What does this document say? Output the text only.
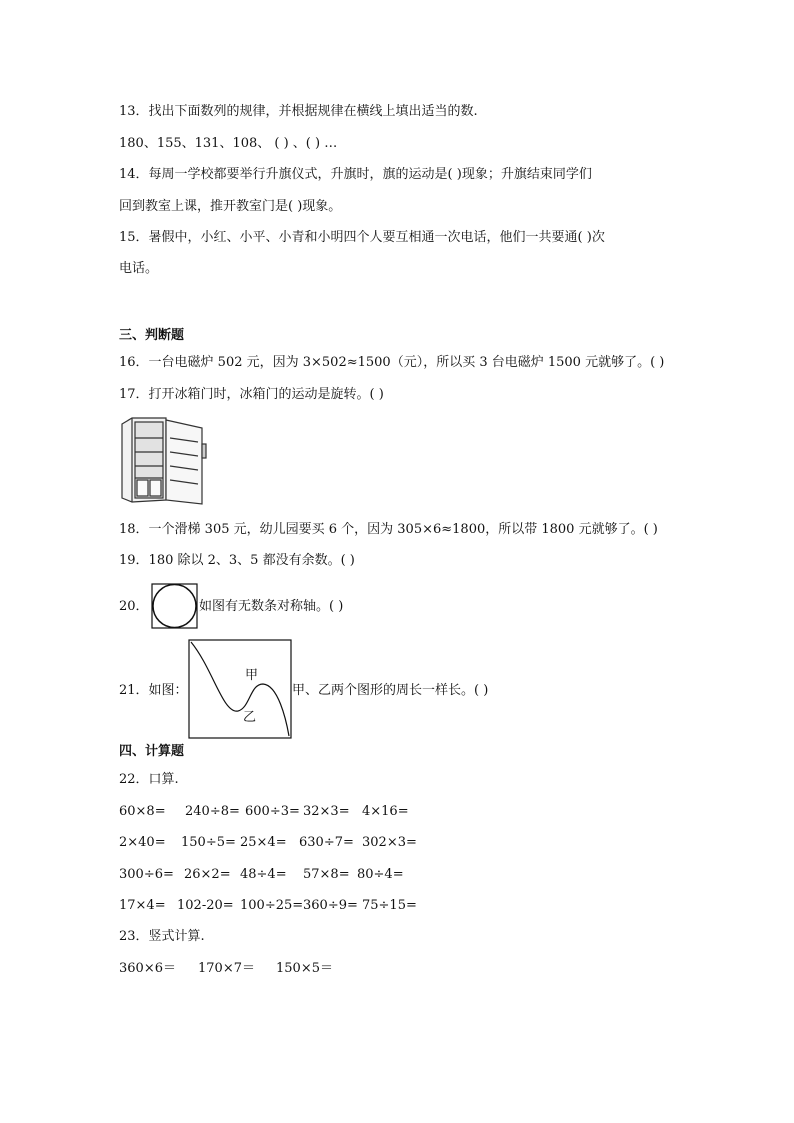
13．找出下面数列的规律，并根据规律在横线上填出适当的数.
180、155、131、108、 ( ) 、( ) …
14．每周一学校都要举行升旗仪式，升旗时，旗的运动是( )现象；升旗结束同学们
回到教室上课，推开教室门是( )现象。
15．暑假中，小红、小平、小青和小明四个人要互相通一次电话，他们一共要通( )次
电话。
三、判断题
16．一台电磁炉 502 元，因为 3×502≈1500（元），所以买 3 台电磁炉 1500 元就够了。( )
17．打开冰箱门时，冰箱门的运动是旋转。( )
18．一个滑梯 305 元，幼儿园要买 6 个，因为 305×6≈1800，所以带 1800 元就够了。( )
19．180 除以 2、3、5 都没有余数。( )
20．	如图有无数条对称轴。( )
21．如图：
甲
乙
甲、乙两个图形的周长一样长。( )
四、计算题
22．口算.
60×8= 240÷8= 600÷3= 32×3= 4×16=
2×40= 150÷5= 25×4= 630÷7= 302×3=
300÷6= 26×2= 48÷4= 57×8= 80÷4=
17×4= 102-20= 100÷25= 360÷9= 75÷15=
23．竖式计算.
360×6＝ 170×7＝ 150×5＝
